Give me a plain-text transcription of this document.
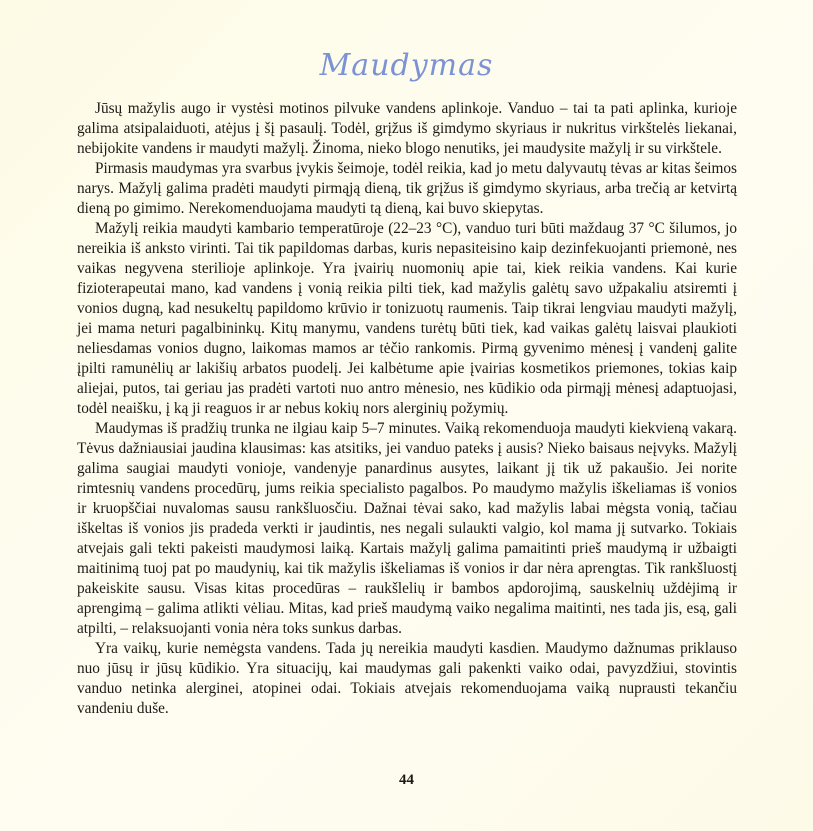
Maudymas

Jūsų mažylis augo ir vystėsi motinos pilvuke vandens aplinkoje. Vanduo – tai ta pati aplinka, kurioje galima atsipalaiduoti, atėjus į šį pasaulį. Todėl, grįžus iš gimdymo skyriaus ir nukritus virkštelės liekanai, nebijokite vandens ir maudyti mažylį. Žinoma, nieko blogo nenutiks, jei maudysite mažylį ir su virkštele.

Pirmasis maudymas yra svarbus įvykis šeimoje, todėl reikia, kad jo metu dalyvautų tėvas ar kitas šeimos narys. Mažylį galima pradėti maudyti pirmąją dieną, tik grįžus iš gimdymo skyriaus, arba trečią ar ketvirtą dieną po gimimo. Nerekomenduojama maudyti tą dieną, kai buvo skiepytas.

Mažylį reikia maudyti kambario temperatūroje (22–23 °C), vanduo turi būti maždaug 37 °C šilumos, jo nereikia iš anksto virinti. Tai tik papildomas darbas, kuris nepasiteisino kaip dezinfekuojanti priemonė, nes vaikas negyvena sterilioje aplinkoje. Yra įvairių nuomonių apie tai, kiek reikia vandens. Kai kurie fizioterapeutai mano, kad vandens į vonią reikia pilti tiek, kad mažylis galėtų savo užpakaliu atsiremti į vonios dugną, kad nesukeltų papildomo krūvio ir tonizuotų raumenis. Taip tikrai lengviau maudyti mažylį, jei mama neturi pagalbininkų. Kitų manymu, vandens turėtų būti tiek, kad vaikas galėtų laisvai plaukioti neliesdamas vonios dugno, laikomas mamos ar tėčio rankomis. Pirmą gyvenimo mėnesį į vandenį galite įpilti ramunėlių ar lakišių arbatos puodelį. Jei kalbėtume apie įvairias kosmetikos priemones, tokias kaip aliejai, putos, tai geriau jas pradėti vartoti nuo antro mėnesio, nes kūdikio oda pirmąjį mėnesį adaptuojasi, todėl neaišku, į ką ji reaguos ir ar nebus kokių nors alerginių požymių.

Maudymas iš pradžių trunka ne ilgiau kaip 5–7 minutes. Vaiką rekomenduoja maudyti kiekvieną vakarą. Tėvus dažniausiai jaudina klausimas: kas atsitiks, jei vanduo pateks į ausis? Nieko baisaus neįvyks. Mažylį galima saugiai maudyti vonioje, vandenyje panardinus ausytes, laikant jį tik už pakaušio. Jei norite rimtesnių vandens procedūrų, jums reikia specialisto pagalbos. Po maudymo mažylis iškeliamas iš vonios ir kruopščiai nuvalomas sausu rankšluosčiu. Dažnai tėvai sako, kad mažylis labai mėgsta vonią, tačiau iškeltas iš vonios jis pradeda verkti ir jaudintis, nes negali sulaukti valgio, kol mama jį sutvarko. Tokiais atvejais gali tekti pakeisti maudymosi laiką. Kartais mažylį galima pamaitinti prieš maudymą ir užbaigti maitinimą tuoj pat po maudynių, kai tik mažylis iškeliamas iš vonios ir dar nėra aprengtas. Tik rankšluostį pakeiskite sausu. Visas kitas procedūras – raukšlelių ir bambos apdorojimą, sauskelnių uždėjimą ir aprengimą – galima atlikti vėliau. Mitas, kad prieš maudymą vaiko negalima maitinti, nes tada jis, esą, gali atpilti, – relaksuojanti vonia nėra toks sunkus darbas.

Yra vaikų, kurie nemėgsta vandens. Tada jų nereikia maudyti kasdien. Maudymo dažnumas priklauso nuo jūsų ir jūsų kūdikio. Yra situacijų, kai maudymas gali pakenkti vaiko odai, pavyzdžiui, stovintis vanduo netinka alerginei, atopinei odai. Tokiais atvejais rekomenduojama vaiką nuprausti tekančiu vandeniu duše.

44
